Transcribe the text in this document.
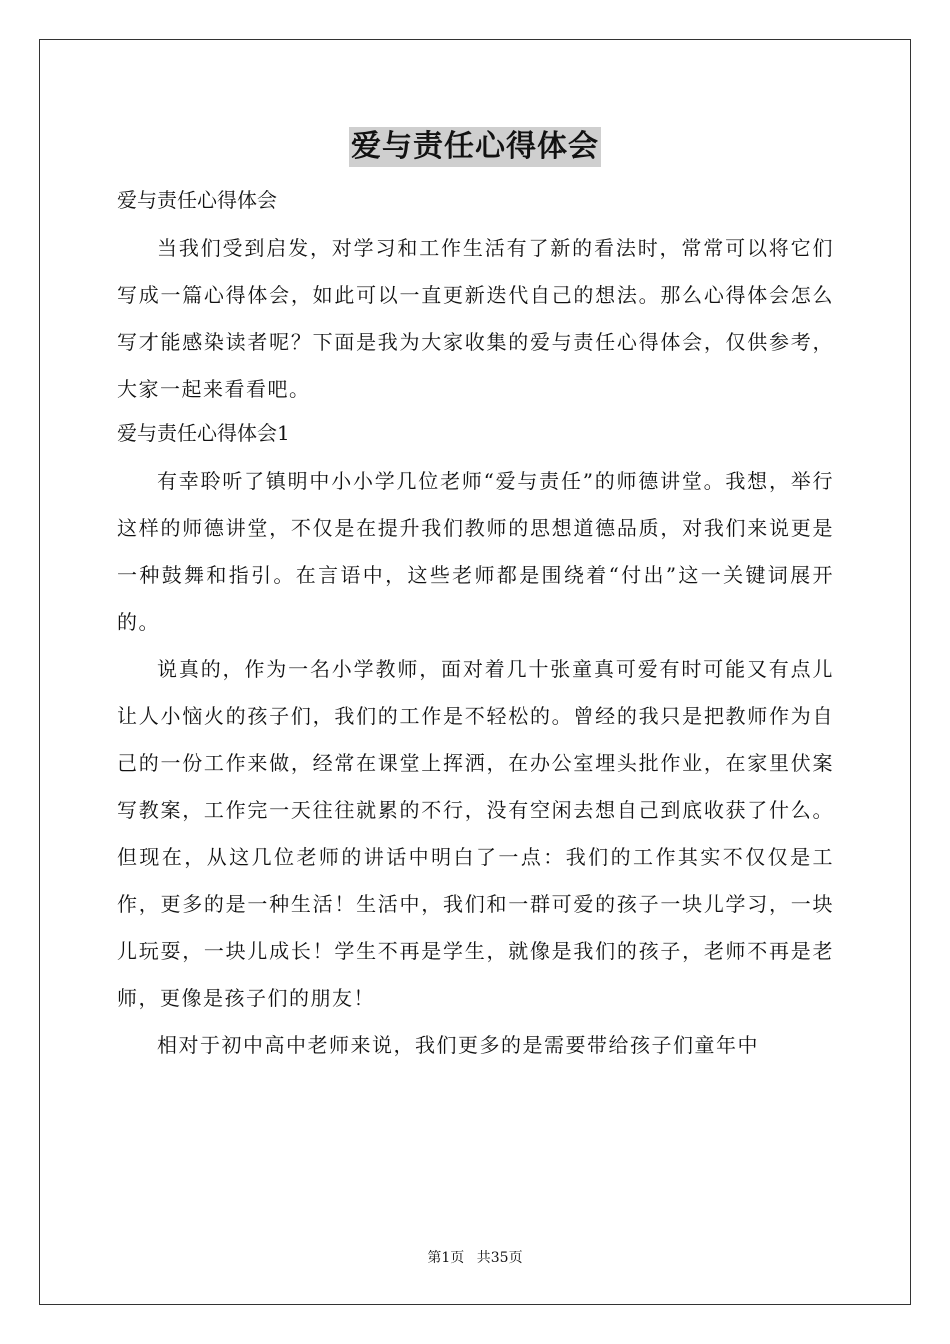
爱与责任心得体会

爱与责任心得体会

当我们受到启发，对学习和工作生活有了新的看法时，常常可以将它们写成一篇心得体会，如此可以一直更新迭代自己的想法。那么心得体会怎么写才能感染读者呢？下面是我为大家收集的爱与责任心得体会，仅供参考，大家一起来看看吧。

爱与责任心得体会1

有幸聆听了镇明中小小学几位老师“爱与责任”的师德讲堂。我想，举行这样的师德讲堂，不仅是在提升我们教师的思想道德品质，对我们来说更是一种鼓舞和指引。在言语中，这些老师都是围绕着“付出”这一关键词展开的。

说真的，作为一名小学教师，面对着几十张童真可爱有时可能又有点儿让人小恼火的孩子们，我们的工作是不轻松的。曾经的我只是把教师作为自己的一份工作来做，经常在课堂上挥洒，在办公室埋头批作业，在家里伏案写教案，工作完一天往往就累的不行，没有空闲去想自己到底收获了什么。但现在，从这几位老师的讲话中明白了一点：我们的工作其实不仅仅是工作，更多的是一种生活！生活中，我们和一群可爱的孩子一块儿学习，一块儿玩耍，一块儿成长！学生不再是学生，就像是我们的孩子，老师不再是老师，更像是孩子们的朋友！

相对于初中高中老师来说，我们更多的是需要带给孩子们童年中

第1页 共35页
